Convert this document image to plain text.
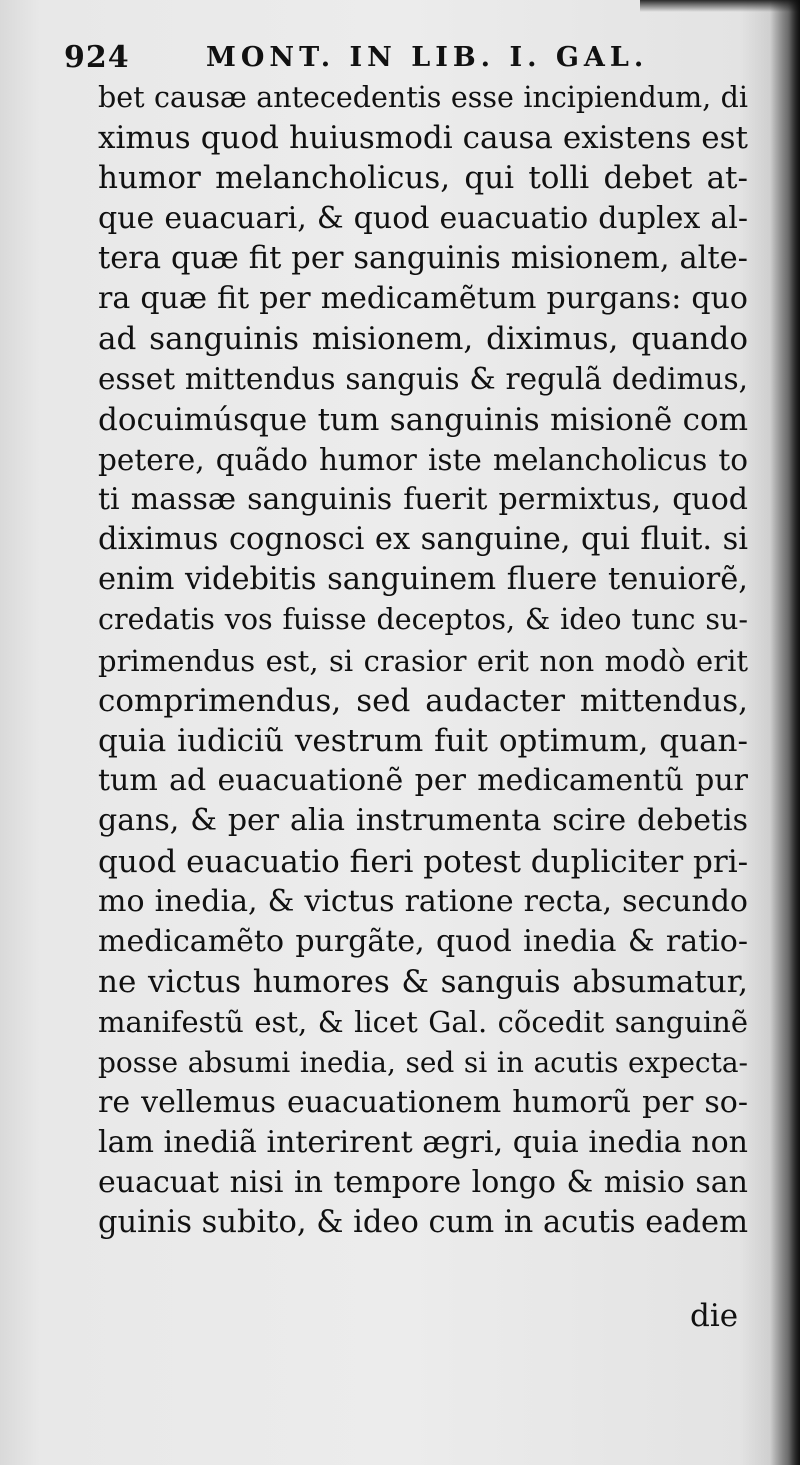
924	MONT. IN LIB. I. GAL.
bet causæ antecedentis esse incipiendum, di
ximus quod huiusmodi causa existens est
humor melancholicus, qui tolli debet at-
que euacuari, & quod euacuatio duplex al-
tera quæ fit per sanguinis misionem, alte-
ra quæ fit per medicamẽtum purgans: quo
ad sanguinis misionem, diximus, quando
esset mittendus sanguis & regulã dedimus,
docuimúsque tum sanguinis misionẽ com
petere, quãdo humor iste melancholicus to
ti massæ sanguinis fuerit permixtus, quod
diximus cognosci ex sanguine, qui fluit. si
enim videbitis sanguinem fluere tenuiorẽ,
credatis vos fuisse deceptos, & ideo tunc su-
primendus est, si crasior erit non modò erit
comprimendus, sed audacter mittendus,
quia iudiciũ vestrum fuit optimum, quan-
tum ad euacuationẽ per medicamentũ pur
gans, & per alia instrumenta scire debetis
quod euacuatio fieri potest dupliciter pri-
mo inedia, & victus ratione recta, secundo
medicamẽto purgãte, quod inedia & ratio-
ne victus humores & sanguis absumatur,
manifestũ est, & licet Gal. cõcedit sanguinẽ
posse absumi inedia, sed si in acutis expecta-
re vellemus euacuationem humorũ per so-
lam inediã interirent ægri, quia inedia non
euacuat nisi in tempore longo & misio san
guinis subito, & ideo cum in acutis eadem
die
